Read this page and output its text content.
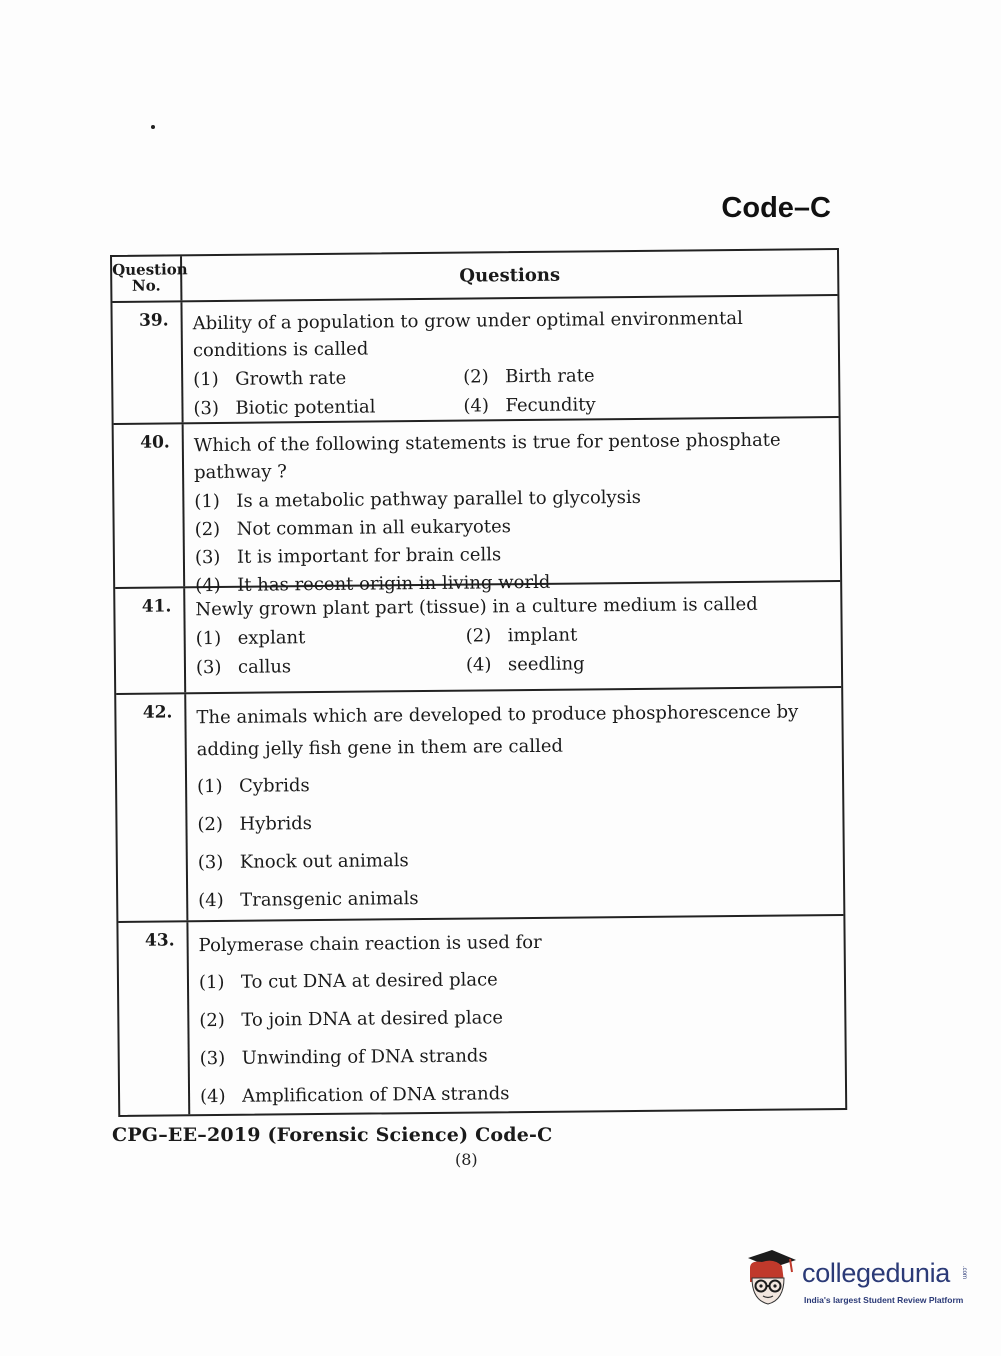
Code–C
Question No.	Questions
39.	Ability of a population to grow under optimal environmental conditions is called
(1) Growth rate	(2) Birth rate
(3) Biotic potential	(4) Fecundity
40.	Which of the following statements is true for pentose phosphate pathway ?
(1) Is a metabolic pathway parallel to glycolysis
(2) Not comman in all eukaryotes
(3) It is important for brain cells
(4) It has recent origin in living world
41.	Newly grown plant part (tissue) in a culture medium is called
(1) explant	(2) implant
(3) callus	(4) seedling
42.	The animals which are developed to produce phosphorescence by adding jelly fish gene in them are called
(1) Cybrids
(2) Hybrids
(3) Knock out animals
(4) Transgenic animals
43.	Polymerase chain reaction is used for
(1) To cut DNA at desired place
(2) To join DNA at desired place
(3) Unwinding of DNA strands
(4) Amplification of DNA strands
CPG–EE–2019 (Forensic Science) Code-C
(8)
collegedunia .com
India's largest Student Review Platform
